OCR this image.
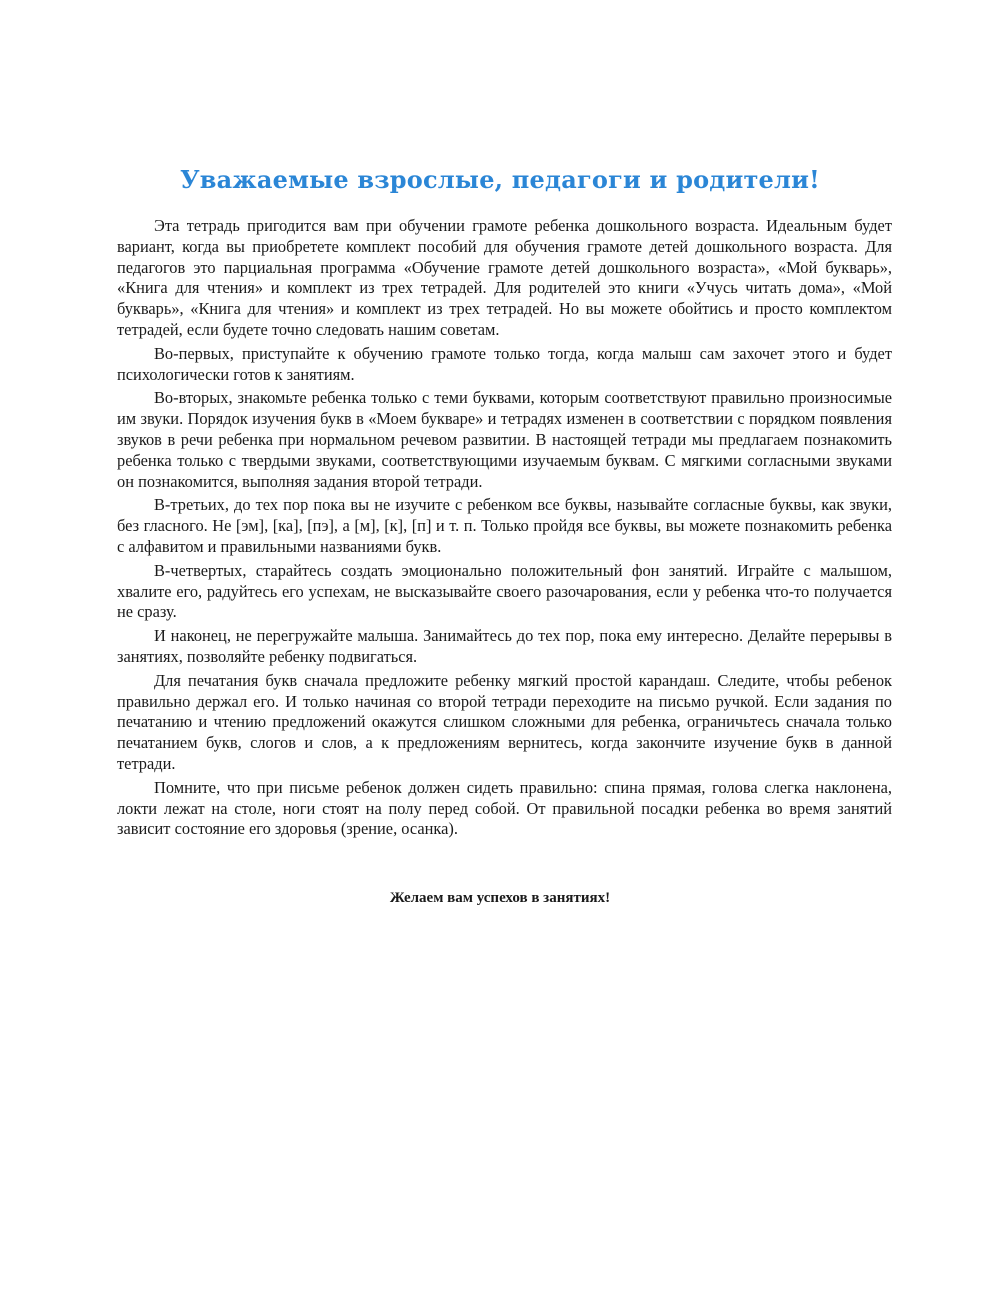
Уважаемые взрослые, педагоги и родители!

Эта тетрадь пригодится вам при обучении грамоте ребенка дошкольного возраста. Идеальным будет вариант, когда вы приобретете комплект пособий для обучения грамоте детей дошкольного возраста. Для педагогов это парциальная программа «Обучение грамоте детей дошкольного возраста», «Мой букварь», «Книга для чтения» и комплект из трех тетрадей. Для родителей это книги «Учусь читать дома», «Мой букварь», «Книга для чтения» и комплект из трех тетрадей. Но вы можете обойтись и просто комплектом тетрадей, если будете точно следовать нашим советам.

Во-первых, приступайте к обучению грамоте только тогда, когда малыш сам захочет этого и будет психологически готов к занятиям.

Во-вторых, знакомьте ребенка только с теми буквами, которым соответствуют правильно произносимые им звуки. Порядок изучения букв в «Моем букваре» и тетрадях изменен в соответствии с порядком появления звуков в речи ребенка при нормальном речевом развитии. В настоящей тетради мы предлагаем познакомить ребенка только с твердыми звуками, соответствующими изучаемым буквам. С мягкими согласными звуками он познакомится, выполняя задания второй тетради.

В-третьих, до тех пор пока вы не изучите с ребенком все буквы, называйте согласные буквы, как звуки, без гласного. Не [эм], [ка], [пэ], а [м], [к], [п] и т. п. Только пройдя все буквы, вы можете познакомить ребенка с алфавитом и правильными названиями букв.

В-четвертых, старайтесь создать эмоционально положительный фон занятий. Играйте с малышом, хвалите его, радуйтесь его успехам, не высказывайте своего разочарования, если у ребенка что-то получается не сразу.

И наконец, не перегружайте малыша. Занимайтесь до тех пор, пока ему интересно. Делайте перерывы в занятиях, позволяйте ребенку подвигаться.

Для печатания букв сначала предложите ребенку мягкий простой карандаш. Следите, чтобы ребенок правильно держал его. И только начиная со второй тетради переходите на письмо ручкой. Если задания по печатанию и чтению предложений окажутся слишком сложными для ребенка, ограничьтесь сначала только печатанием букв, слогов и слов, а к предложениям вернитесь, когда закончите изучение букв в данной тетради.

Помните, что при письме ребенок должен сидеть правильно: спина прямая, голова слегка наклонена, локти лежат на столе, ноги стоят на полу перед собой. От правильной посадки ребенка во время занятий зависит состояние его здоровья (зрение, осанка).

Желаем вам успехов в занятиях!
